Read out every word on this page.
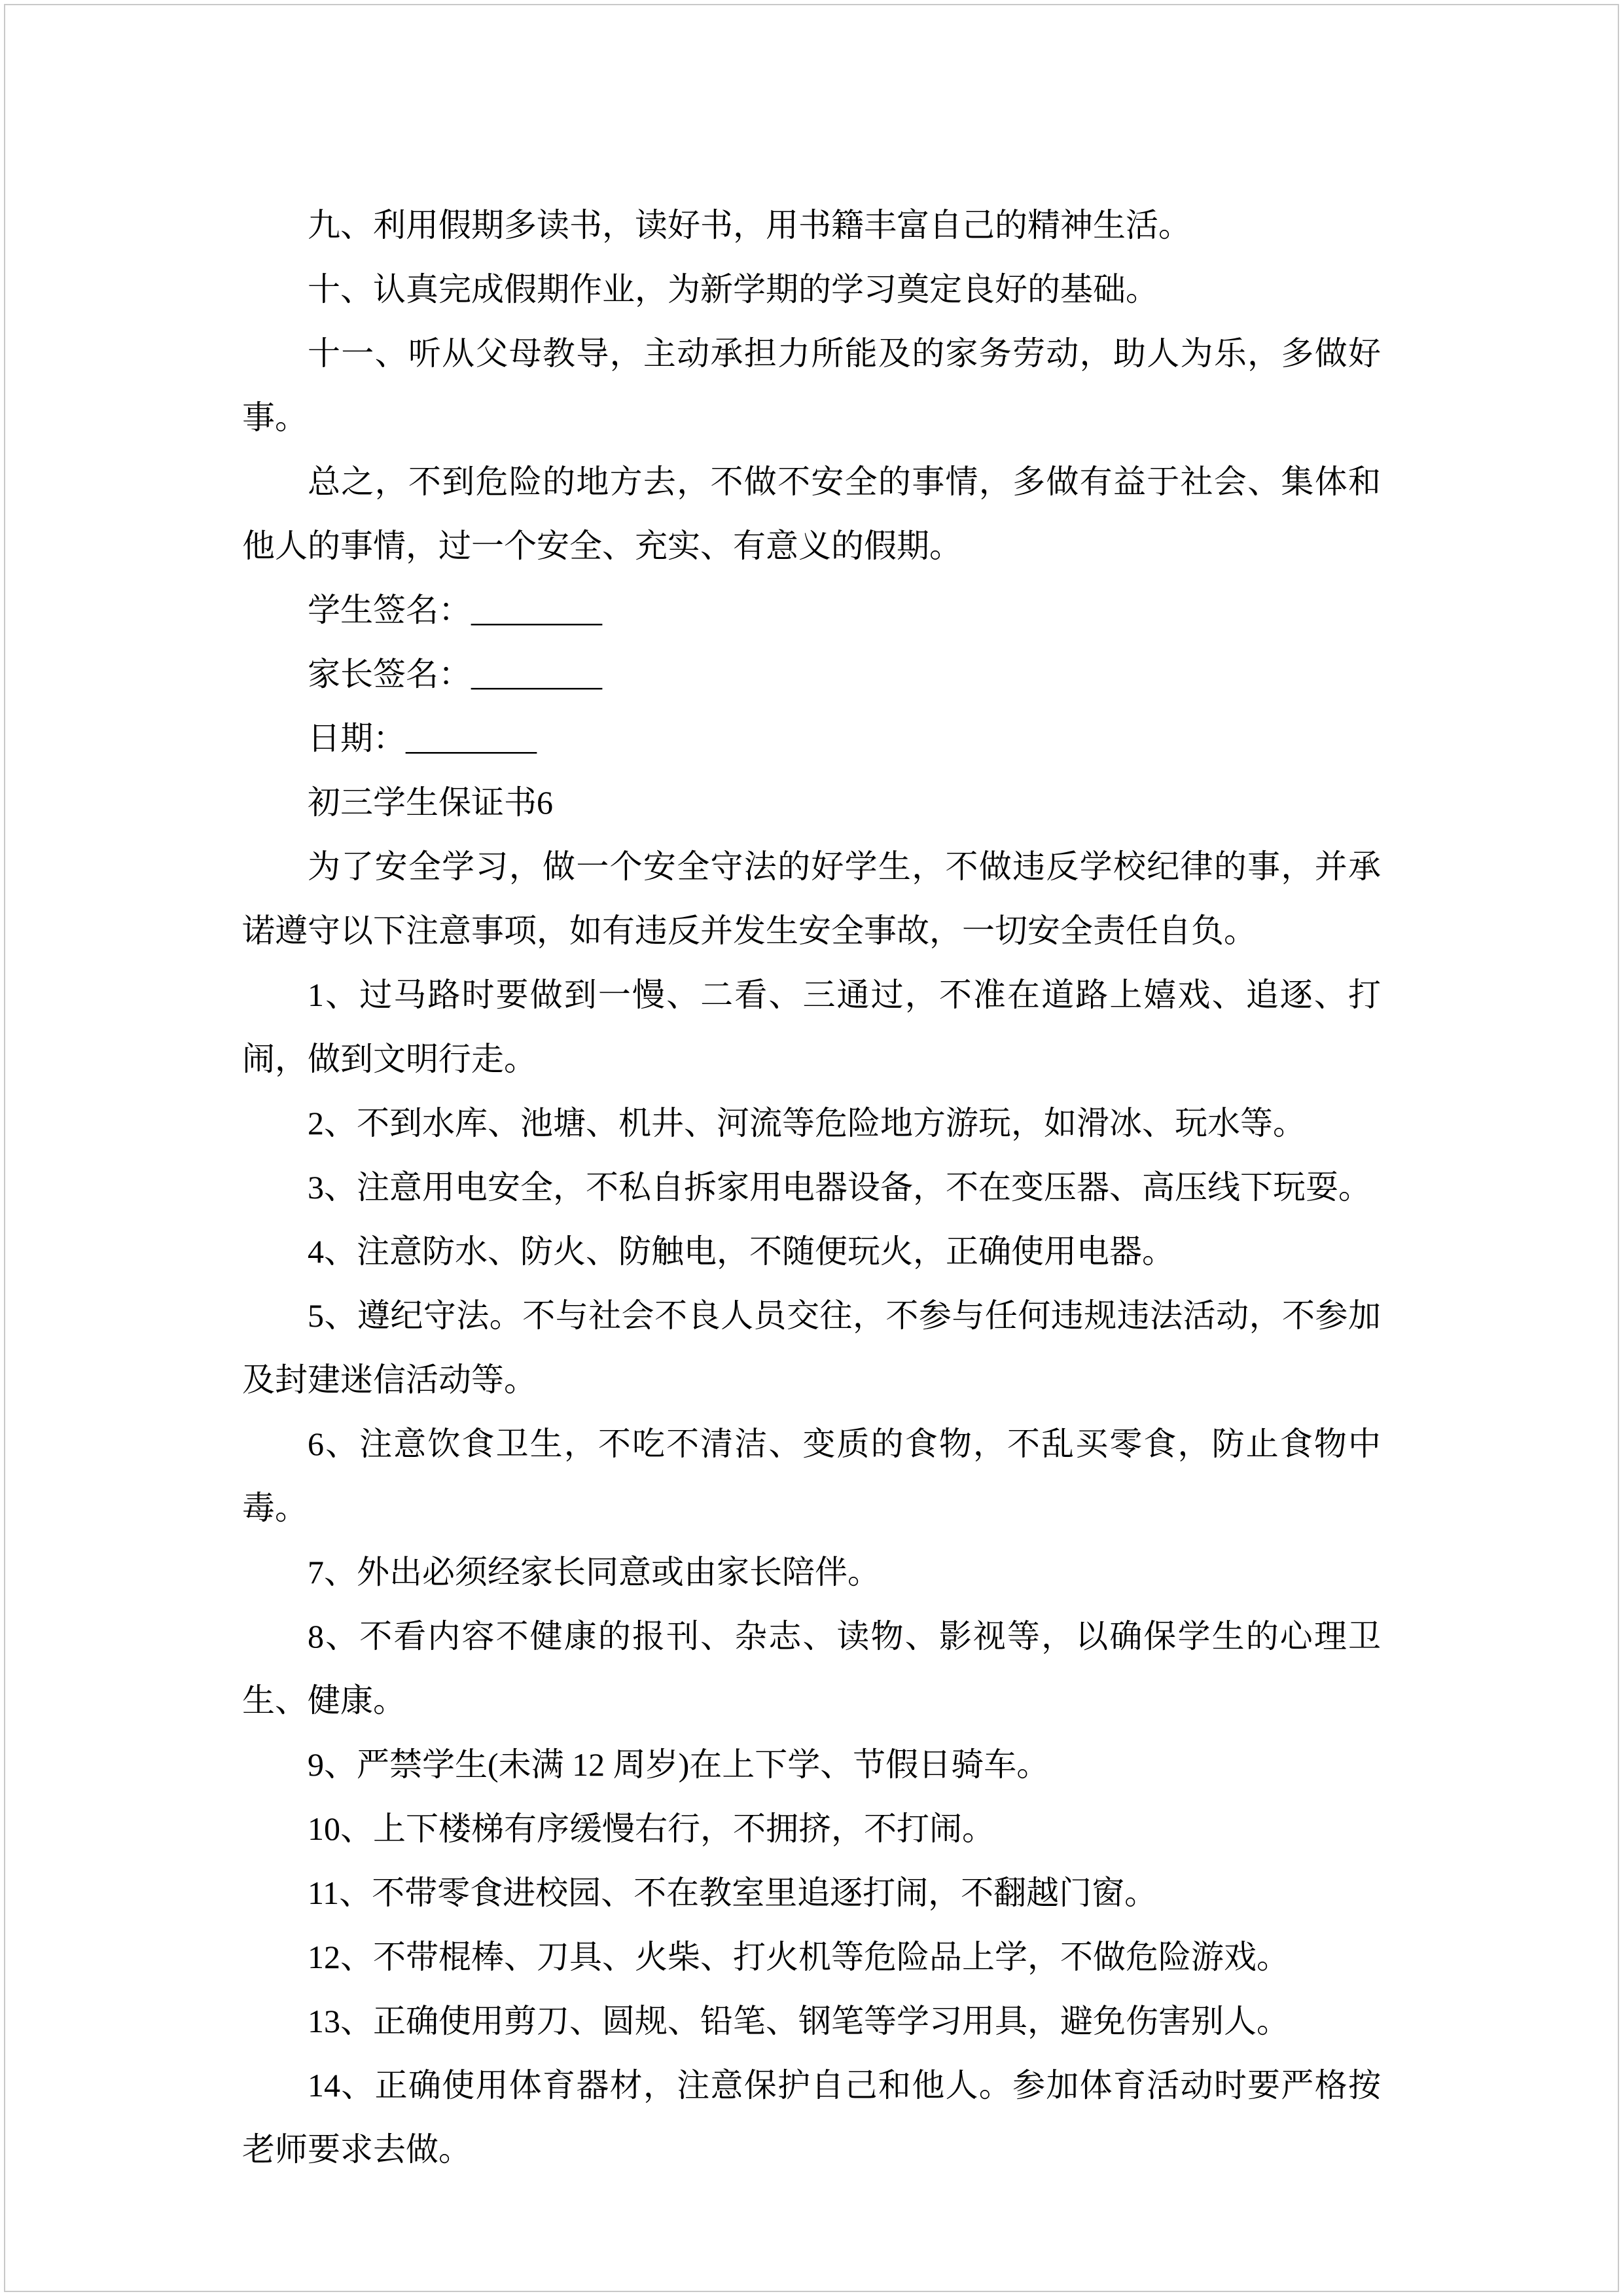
九、利用假期多读书，读好书，用书籍丰富自己的精神生活。

十、认真完成假期作业，为新学期的学习奠定良好的基础。

十一、听从父母教导，主动承担力所能及的家务劳动，助人为乐，多做好事。

总之，不到危险的地方去，不做不安全的事情，多做有益于社会、集体和他人的事情，过一个安全、充实、有意义的假期。

学生签名：________

家长签名：________

日期：________

初三学生保证书6

为了安全学习，做一个安全守法的好学生，不做违反学校纪律的事，并承诺遵守以下注意事项，如有违反并发生安全事故，一切安全责任自负。

1、过马路时要做到一慢、二看、三通过，不准在道路上嬉戏、追逐、打闹，做到文明行走。

2、不到水库、池塘、机井、河流等危险地方游玩，如滑冰、玩水等。

3、注意用电安全，不私自拆家用电器设备，不在变压器、高压线下玩耍。

4、注意防水、防火、防触电，不随便玩火，正确使用电器。

5、遵纪守法。不与社会不良人员交往，不参与任何违规违法活动，不参加及封建迷信活动等。

6、注意饮食卫生，不吃不清洁、变质的食物，不乱买零食，防止食物中毒。

7、外出必须经家长同意或由家长陪伴。

8、不看内容不健康的报刊、杂志、读物、影视等，以确保学生的心理卫生、健康。

9、严禁学生(未满 12 周岁)在上下学、节假日骑车。

10、上下楼梯有序缓慢右行，不拥挤，不打闹。

11、不带零食进校园、不在教室里追逐打闹，不翻越门窗。

12、不带棍棒、刀具、火柴、打火机等危险品上学，不做危险游戏。

13、正确使用剪刀、圆规、铅笔、钢笔等学习用具，避免伤害别人。

14、正确使用体育器材，注意保护自己和他人。参加体育活动时要严格按老师要求去做。
